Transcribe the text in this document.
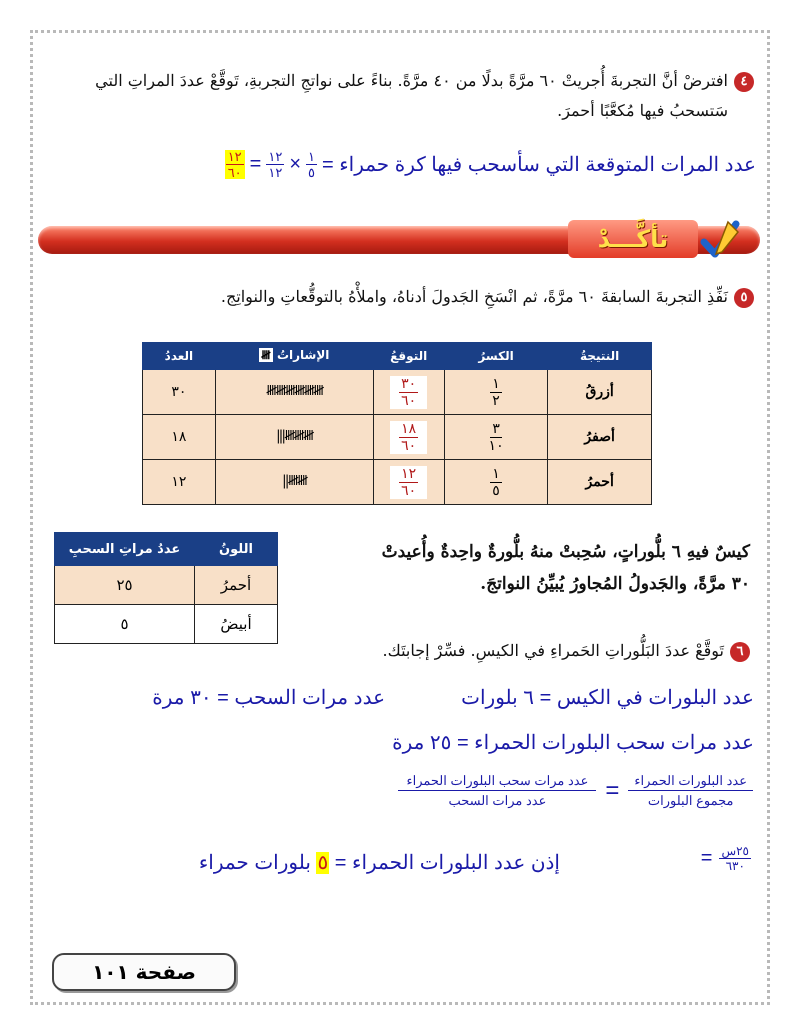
٤افترضْ أنَّ التجربةَ أُجريتْ ٦٠ مرَّةً بدلًا من ٤٠ مرَّةً. بناءً على نواتجِ التجربةِ، تَوقَّعْ عددَ المراتِ التي
سَتسحبُ فيها مُكعَّبًا أحمرَ.
عدد المرات المتوقعة التي سأسحب فيها كرة حمراء =
$\frac{١}{٥}$
×
$\frac{١٢}{١٢}$
=
$\frac{١٢}{٦٠}$
تأكَّـــدْ
٥نَفِّذِ التجربةَ السابقةَ ٦٠ مرَّةً، ثم انْسَخِ الجَدولَ أدناهُ، واملأْهُ بالتوقُّعاتِ والنواتِج.
النتيجةُ	الكسرُ	التوقعُ	الإشاراتُ 𝍸	العددُ
أزرقُ	$\frac{١}{٢}$	$\frac{٣٠}{٦٠}$	𝍸𝍸𝍸𝍸𝍸𝍸	٣٠
أصفرُ	$\frac{٣}{١٠}$	$\frac{١٨}{٦٠}$	𝍸𝍸𝍸|||	١٨
أحمرُ	$\frac{١}{٥}$	$\frac{١٢}{٦٠}$	𝍸𝍸||	١٢
كيسٌ فيهِ ٦ بلُّوراتٍ، سُحِبتْ منهُ بلُّورةٌ واحِدةٌ وأُعيدتْ
٣٠ مرَّةً، والجَدولُ المُجاورُ يُبيِّنُ النواتجَ.
اللونُ	عددُ مراتِ السحبِ
أحمرُ	٢٥
أبيضُ	٥
٦تَوقَّعْ عددَ البَلُّوراتِ الحَمراءِ في الكيسِ. فسِّرْ إجابتَك.
عدد البلورات في الكيس = ٦ بلورات
عدد مرات السحب = ٣٠ مرة
عدد مرات سحب البلورات الحمراء = ٢٥ مرة
$\frac{\text{عدد البلورات الحمراء}}{\text{مجموع البلورات}}$
=
$\frac{\text{عدد مرات سحب البلورات الحمراء}}{\text{عدد مرات السحب}}$
$\frac{\text{٢٥س}}{٦٣٠}$
=
إذن عدد البلورات الحمراء = ٥ بلورات حمراء
صفحة ١٠١
